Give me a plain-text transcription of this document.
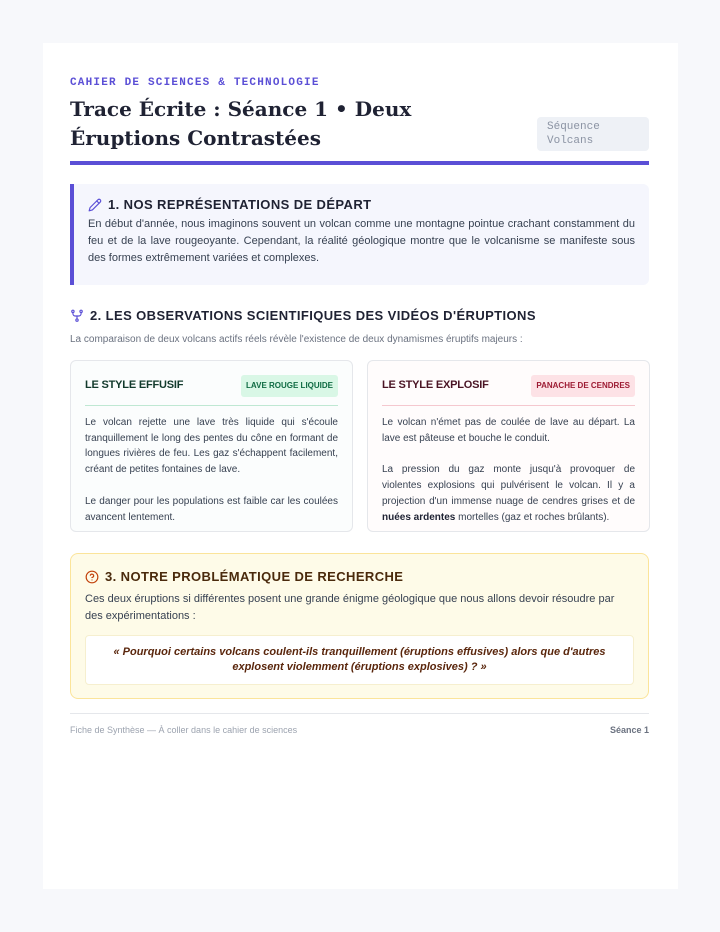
CAHIER DE SCIENCES & TECHNOLOGIE
Trace Écrite : Séance 1 • Deux Éruptions Contrastées	Séquence
Volcans
1. NOS REPRÉSENTATIONS DE DÉPART
En début d'année, nous imaginons souvent un volcan comme une montagne pointue crachant constamment du feu et de la lave rougeoyante. Cependant, la réalité géologique montre que le volcanisme se manifeste sous des formes extrêmement variées et complexes.
2. LES OBSERVATIONS SCIENTIFIQUES DES VIDÉOS D'ÉRUPTIONS
La comparaison de deux volcans actifs réels révèle l'existence de deux dynamismes éruptifs majeurs :
LE STYLE EFFUSIF	LAVE ROUGE LIQUIDE

Le volcan rejette une lave très liquide qui s'écoule tranquillement le long des pentes du cône en formant de longues rivières de feu. Les gaz s'échappent facilement, créant de petites fontaines de lave.

Le danger pour les populations est faible car les coulées avancent lentement.

LE STYLE EXPLOSIF	PANACHE DE CENDRES

Le volcan n'émet pas de coulée de lave au départ. La lave est pâteuse et bouche le conduit.

La pression du gaz monte jusqu'à provoquer de violentes explosions qui pulvérisent le volcan. Il y a projection d'un immense nuage de cendres grises et de nuées ardentes mortelles (gaz et roches brûlants).

3. NOTRE PROBLÉMATIQUE DE RECHERCHE
Ces deux éruptions si différentes posent une grande énigme géologique que nous allons devoir résoudre par des expérimentations :
« Pourquoi certains volcans coulent-ils tranquillement (éruptions effusives) alors que d'autres explosent violemment (éruptions explosives) ? »
Fiche de Synthèse — À coller dans le cahier de sciences	Séance 1
